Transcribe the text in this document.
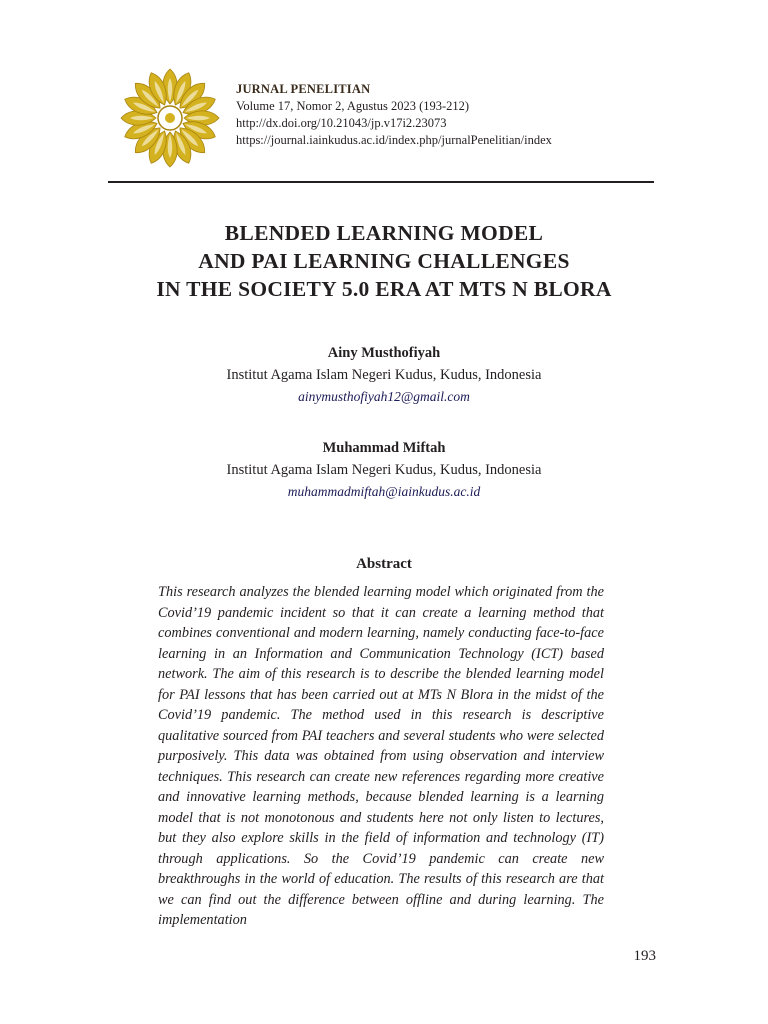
JURNAL PENELITIAN
Volume 17, Nomor 2, Agustus 2023 (193-212)
http://dx.doi.org/10.21043/jp.v17i2.23073
https://journal.iainkudus.ac.id/index.php/jurnalPenelitian/index
BLENDED LEARNING MODEL
AND PAI LEARNING CHALLENGES
IN THE SOCIETY 5.0 ERA AT MTS N BLORA
Ainy Musthofiyah
Institut Agama Islam Negeri Kudus, Kudus, Indonesia
ainymusthofiyah12@gmail.com
Muhammad Miftah
Institut Agama Islam Negeri Kudus, Kudus, Indonesia
muhammadmiftah@iainkudus.ac.id
Abstract

This research analyzes the blended learning model which originated from the Covid’19 pandemic incident so that it can create a learning method that combines conventional and modern learning, namely conducting face-to-face learning in an Information and Communication Technology (ICT) based network. The aim of this research is to describe the blended learning model for PAI lessons that has been carried out at MTs N Blora in the midst of the Covid’19 pandemic. The method used in this research is descriptive qualitative sourced from PAI teachers and several students who were selected purposively. This data was obtained from using observation and interview techniques. This research can create new references regarding more creative and innovative learning methods, because blended learning is a learning model that is not monotonous and students here not only listen to lectures, but they also explore skills in the field of information and technology (IT) through applications. So the Covid’19 pandemic can create new breakthroughs in the world of education. The results of this research are that we can find out the difference between offline and during learning. The implementation

193
